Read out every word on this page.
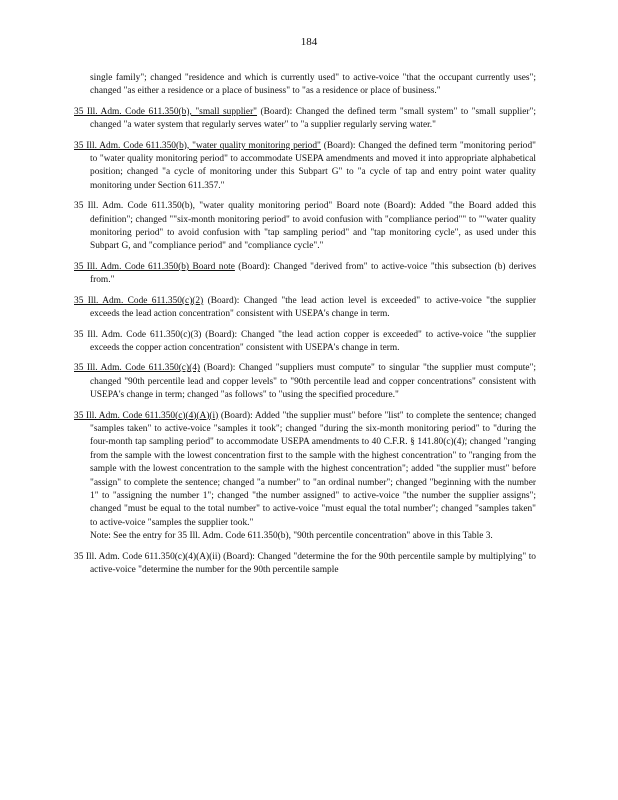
184

single family"; changed "residence and which is currently used" to active-voice "that the occupant currently uses"; changed "as either a residence or a place of business" to "as a residence or place of business."

35 Ill. Adm. Code 611.350(b), "small supplier" (Board): Changed the defined term "small system" to "small supplier"; changed "a water system that regularly serves water" to "a supplier regularly serving water."

35 Ill. Adm. Code 611.350(b), "water quality monitoring period" (Board): Changed the defined term "monitoring period" to "water quality monitoring period" to accommodate USEPA amendments and moved it into appropriate alphabetical position; changed "a cycle of monitoring under this Subpart G" to "a cycle of tap and entry point water quality monitoring under Section 611.357."

35 Ill. Adm. Code 611.350(b), "water quality monitoring period" Board note (Board): Added "the Board added this definition"; changed ""six-month monitoring period" to avoid confusion with "compliance period"" to ""water quality monitoring period" to avoid confusion with "tap sampling period" and "tap monitoring cycle", as used under this Subpart G, and "compliance period" and "compliance cycle"."

35 Ill. Adm. Code 611.350(b) Board note (Board): Changed "derived from" to active-voice "this subsection (b) derives from."

35 Ill. Adm. Code 611.350(c)(2) (Board): Changed "the lead action level is exceeded" to active-voice "the supplier exceeds the lead action concentration" consistent with USEPA's change in term.

35 Ill. Adm. Code 611.350(c)(3) (Board): Changed "the lead action copper is exceeded" to active-voice "the supplier exceeds the copper action concentration" consistent with USEPA's change in term.

35 Ill. Adm. Code 611.350(c)(4) (Board): Changed "suppliers must compute" to singular "the supplier must compute"; changed "90th percentile lead and copper levels" to "90th percentile lead and copper concentrations" consistent with USEPA's change in term; changed "as follows" to "using the specified procedure."

35 Ill. Adm. Code 611.350(c)(4)(A)(i) (Board): Added "the supplier must" before "list" to complete the sentence; changed "samples taken" to active-voice "samples it took"; changed "during the six-month monitoring period" to "during the four-month tap sampling period" to accommodate USEPA amendments to 40 C.F.R. § 141.80(c)(4); changed "ranging from the sample with the lowest concentration first to the sample with the highest concentration" to "ranging from the sample with the lowest concentration to the sample with the highest concentration"; added "the supplier must" before "assign" to complete the sentence; changed "a number" to "an ordinal number"; changed "beginning with the number 1" to "assigning the number 1"; changed "the number assigned" to active-voice "the number the supplier assigns"; changed "must be equal to the total number" to active-voice "must equal the total number"; changed "samples taken" to active-voice "samples the supplier took."
Note: See the entry for 35 Ill. Adm. Code 611.350(b), "90th percentile concentration" above in this Table 3.

35 Ill. Adm. Code 611.350(c)(4)(A)(ii) (Board): Changed "determine the for the 90th percentile sample by multiplying" to active-voice "determine the number for the 90th percentile sample
